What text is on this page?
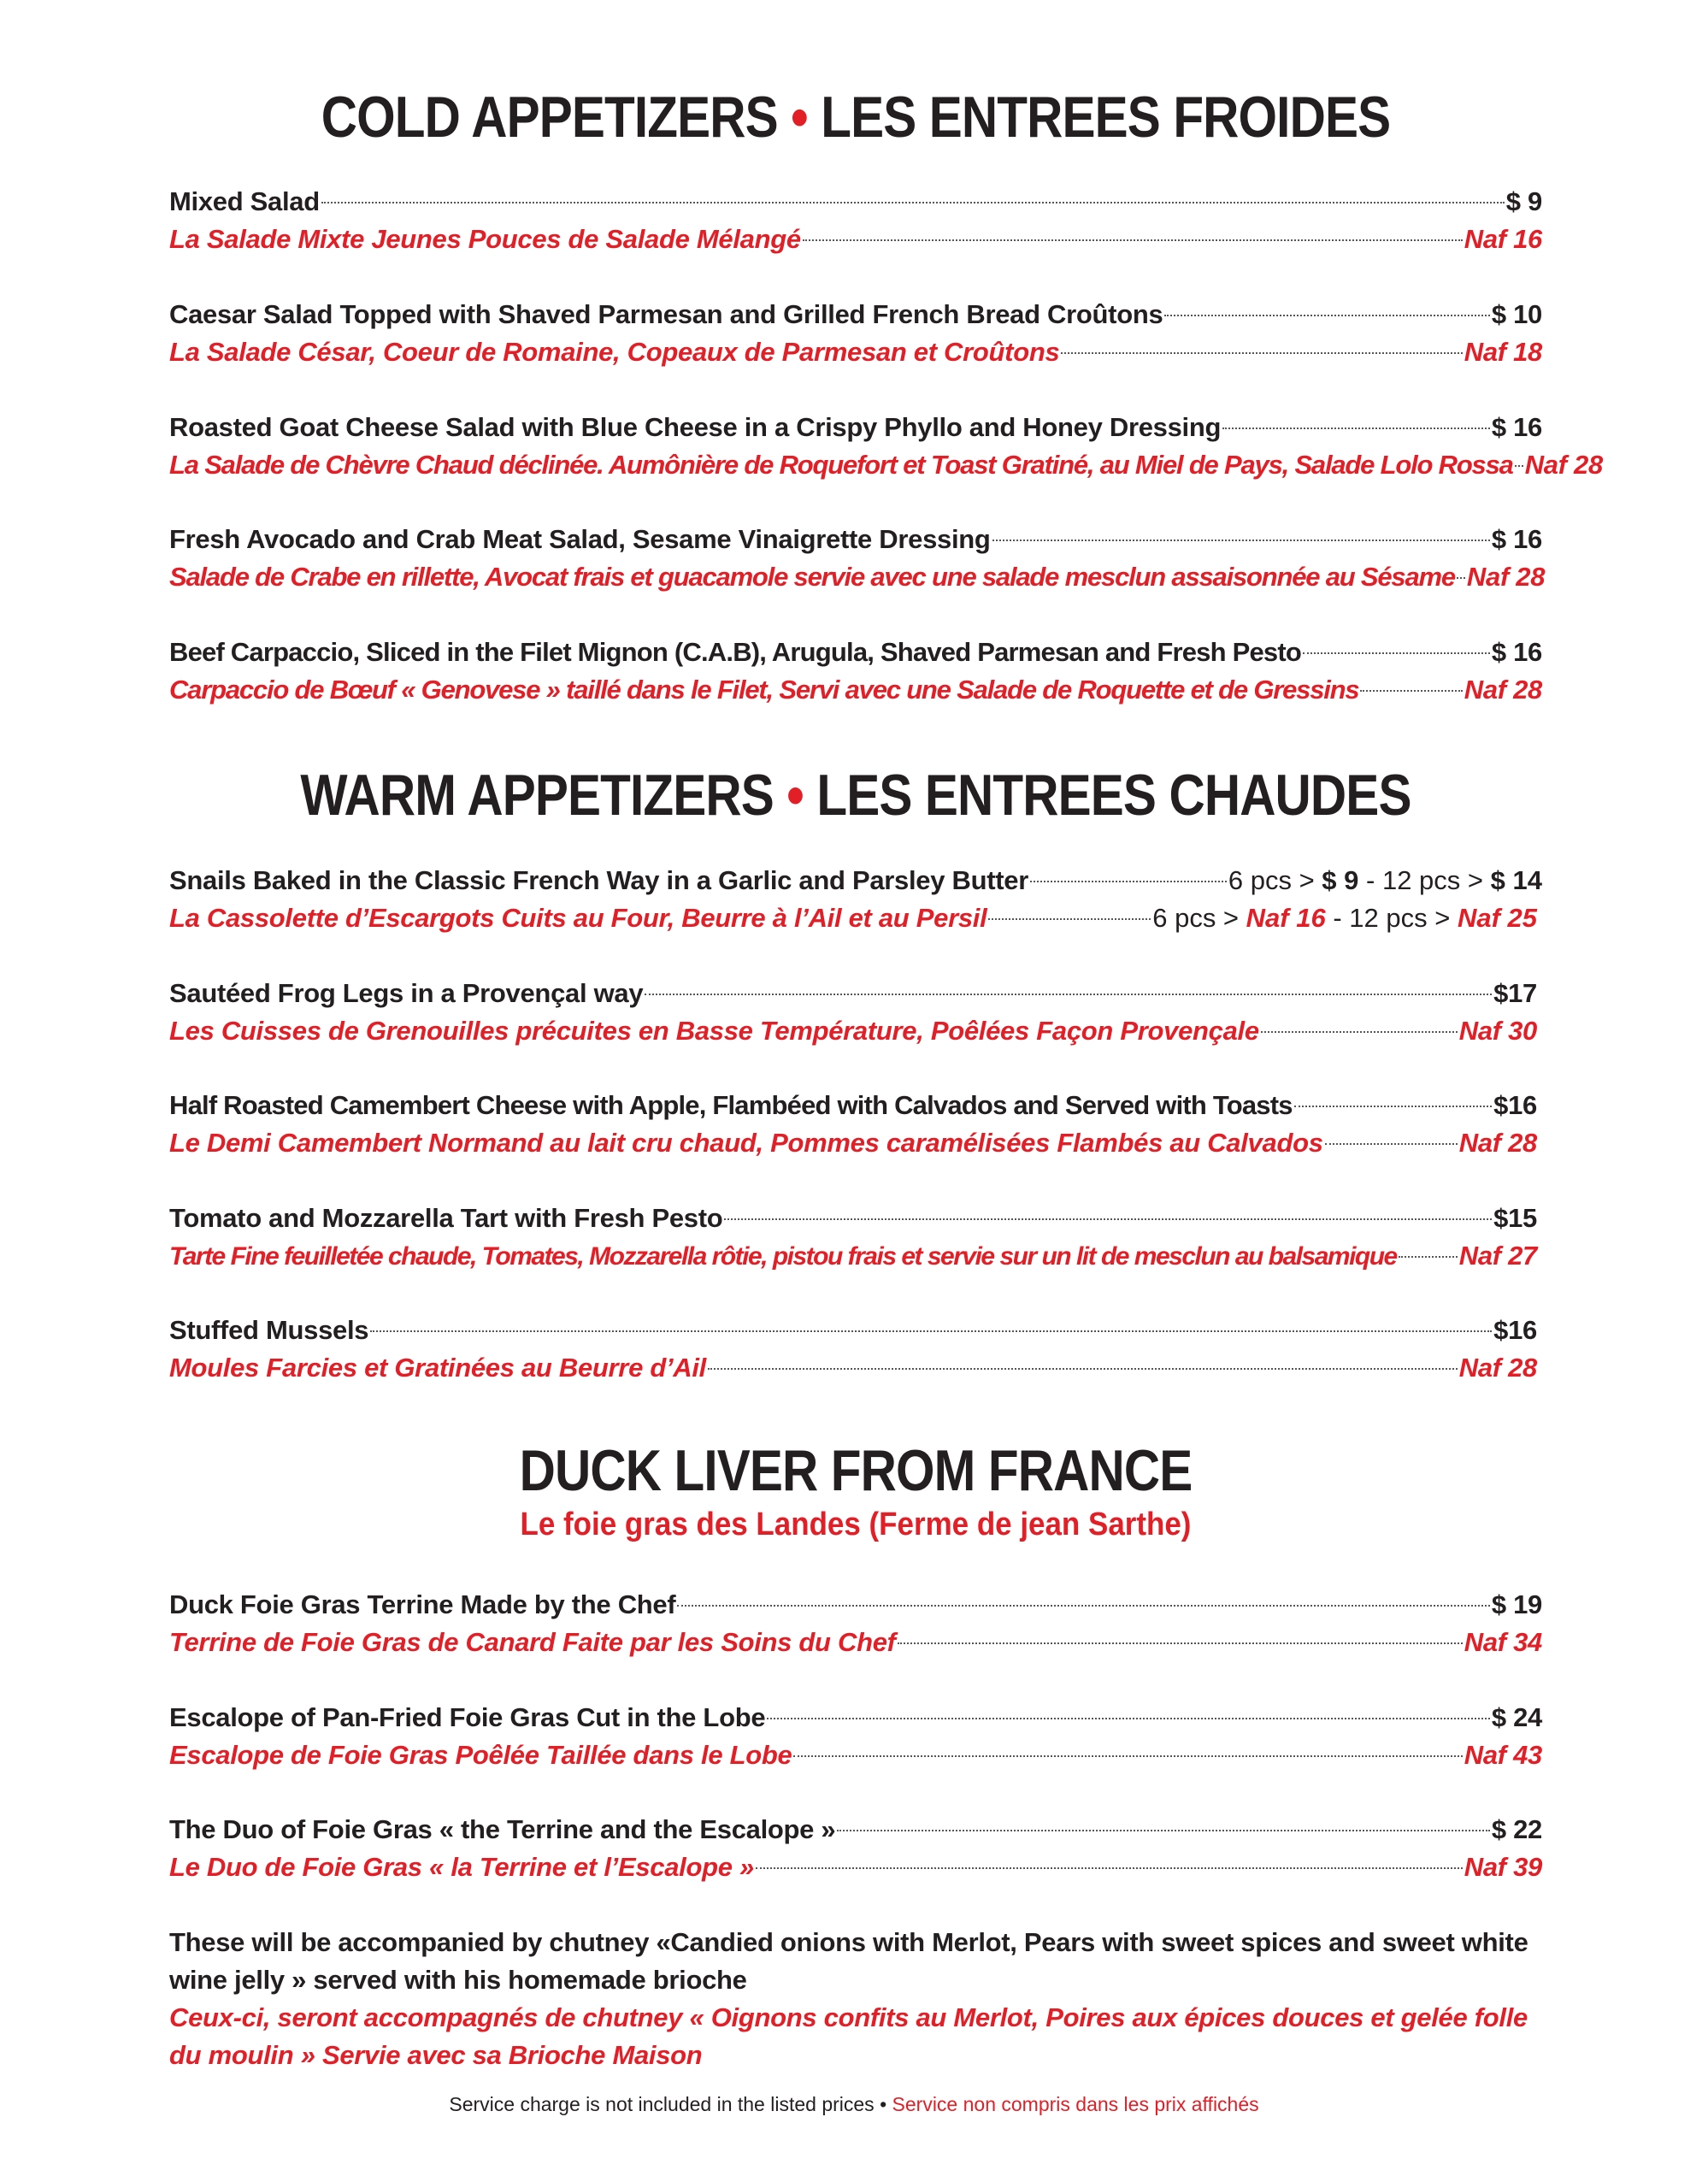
COLD APPETIZERS • LES ENTREES FROIDES
Mixed Salad	$ 9
La Salade Mixte Jeunes Pouces de Salade Mélangé	Naf 16
Caesar Salad Topped with Shaved Parmesan and Grilled French Bread Croûtons	$ 10
La Salade César, Coeur de Romaine, Copeaux de Parmesan et Croûtons	Naf 18
Roasted Goat Cheese Salad with Blue Cheese in a Crispy Phyllo and Honey Dressing	$ 16
La Salade de Chèvre Chaud déclinée. Aumônière de Roquefort et Toast Gratiné, au Miel de Pays, Salade Lolo Rossa Naf 28
Fresh Avocado and Crab Meat Salad, Sesame Vinaigrette Dressing	$ 16
Salade de Crabe en rillette, Avocat frais et guacamole servie avec une salade mesclun assaisonnée au Sésame Naf 28
Beef Carpaccio, Sliced in the Filet Mignon (C.A.B), Arugula, Shaved Parmesan and Fresh Pesto	$ 16
Carpaccio de Bœuf « Genovese » taillé dans le Filet, Servi avec une Salade de Roquette et de Gressins	Naf 28
WARM APPETIZERS • LES ENTREES CHAUDES
Snails Baked in the Classic French Way in a Garlic and Parsley Butter	6 pcs > $ 9 - 12 pcs > $ 14
La Cassolette d’Escargots Cuits au Four, Beurre à l’Ail et au Persil	6 pcs > Naf 16 - 12 pcs > Naf 25
Sautéed Frog Legs in a Provençal way	$17
Les Cuisses de Grenouilles précuites en Basse Température, Poêlées Façon Provençale	Naf 30
Half Roasted Camembert Cheese with Apple, Flambéed with Calvados and Served with Toasts	$16
Le Demi Camembert Normand au lait cru chaud, Pommes caramélisées Flambés au Calvados	Naf 28
Tomato and Mozzarella Tart with Fresh Pesto	$15
Tarte Fine feuilletée chaude, Tomates, Mozzarella rôtie, pistou frais et servie sur un lit de mesclun au balsamique Naf 27
Stuffed Mussels	$16
Moules Farcies et Gratinées au Beurre d’Ail	Naf 28
DUCK LIVER FROM FRANCE
Le foie gras des Landes (Ferme de jean Sarthe)
Duck Foie Gras Terrine Made by the Chef	$ 19
Terrine de Foie Gras de Canard Faite par les Soins du Chef	Naf 34
Escalope of Pan-Fried Foie Gras Cut in the Lobe	$ 24
Escalope de Foie Gras Poêlée Taillée dans le Lobe	Naf 43
The Duo of Foie Gras « the Terrine and the Escalope »	$ 22
Le Duo de Foie Gras « la Terrine et l’Escalope »	Naf 39
These will be accompanied by chutney «Candied onions with Merlot, Pears with sweet spices and sweet white wine jelly » served with his homemade brioche
Ceux-ci, seront accompagnés de chutney « Oignons confits au Merlot, Poires aux épices douces et gelée folle du moulin » Servie avec sa Brioche Maison
Service charge is not included in the listed prices • Service non compris dans les prix affichés
